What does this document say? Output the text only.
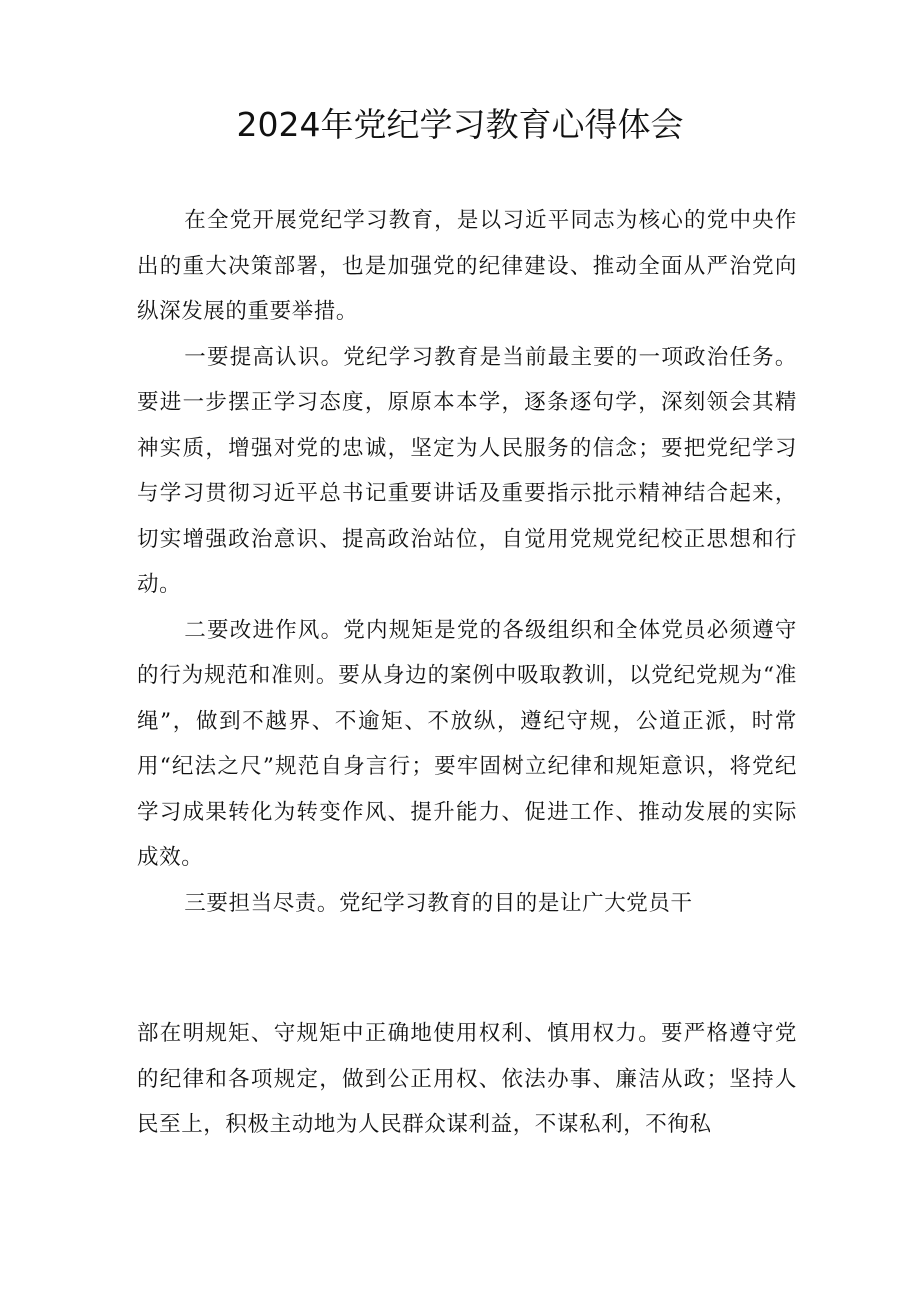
2024年党纪学习教育心得体会

在全党开展党纪学习教育，是以习近平同志为核心的党中央作出的重大决策部署，也是加强党的纪律建设、推动全面从严治党向纵深发展的重要举措。

一要提高认识。党纪学习教育是当前最主要的一项政治任务。要进一步摆正学习态度，原原本本学，逐条逐句学，深刻领会其精神实质，增强对党的忠诚，坚定为人民服务的信念；要把党纪学习与学习贯彻习近平总书记重要讲话及重要指示批示精神结合起来，切实增强政治意识、提高政治站位，自觉用党规党纪校正思想和行动。

二要改进作风。党内规矩是党的各级组织和全体党员必须遵守的行为规范和准则。要从身边的案例中吸取教训，以党纪党规为“准绳”，做到不越界、不逾矩、不放纵，遵纪守规，公道正派，时常用“纪法之尺”规范自身言行；要牢固树立纪律和规矩意识，将党纪学习成果转化为转变作风、提升能力、促进工作、推动发展的实际成效。

三要担当尽责。党纪学习教育的目的是让广大党员干

部在明规矩、守规矩中正确地使用权利、慎用权力。要严格遵守党的纪律和各项规定，做到公正用权、依法办事、廉洁从政；坚持人民至上，积极主动地为人民群众谋利益，不谋私利，不徇私
